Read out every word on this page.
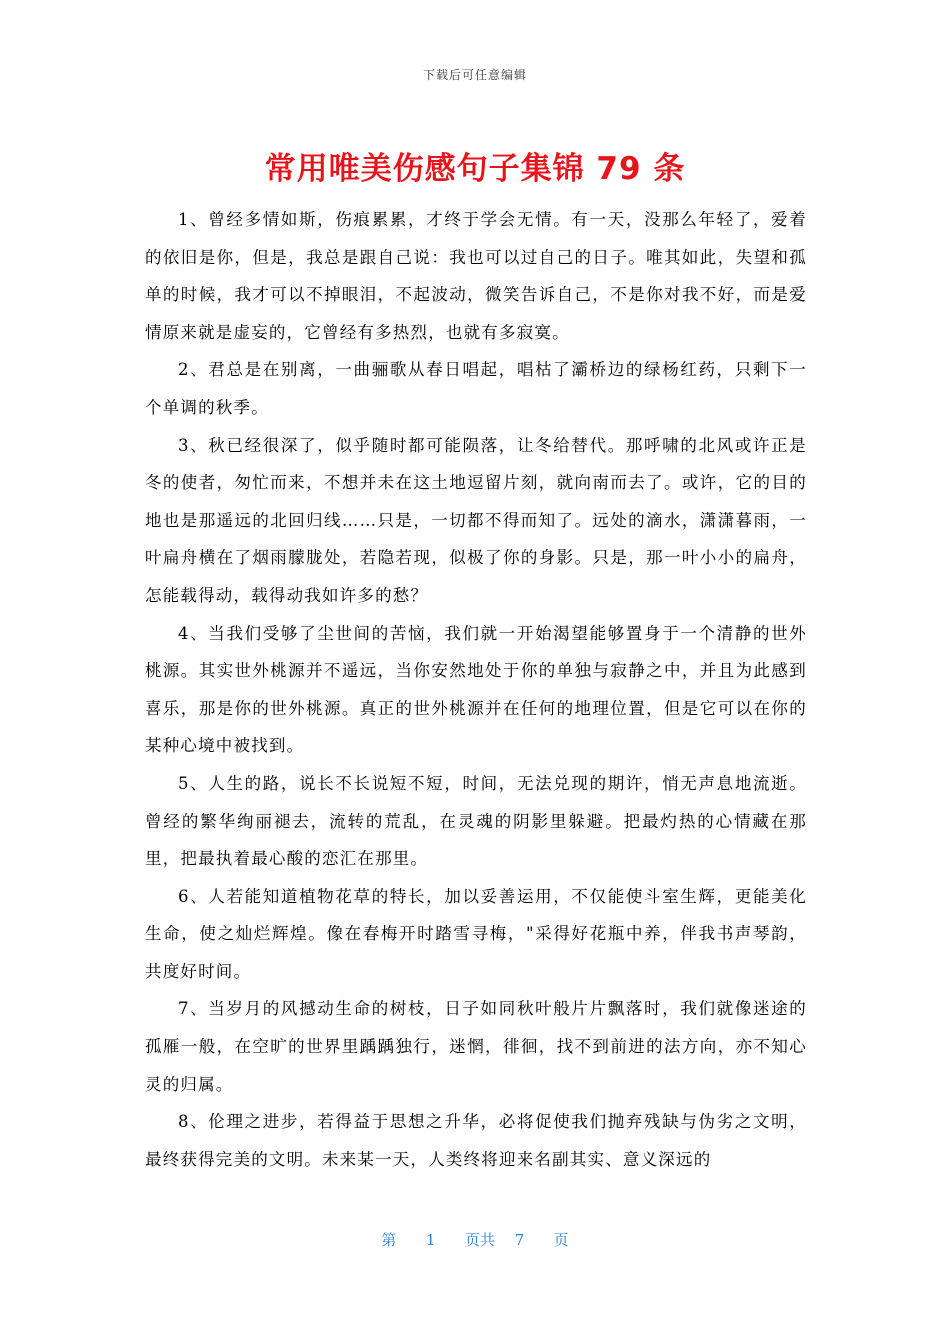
下载后可任意编辑
常用唯美伤感句子集锦 79 条

1、曾经多情如斯，伤痕累累，才终于学会无情。有一天，没那么年轻了，爱着的依旧是你，但是，我总是跟自己说：我也可以过自己的日子。唯其如此，失望和孤单的时候，我才可以不掉眼泪，不起波动，微笑告诉自己，不是你对我不好，而是爱情原来就是虚妄的，它曾经有多热烈，也就有多寂寞。

2、君总是在别离，一曲骊歌从春日唱起，唱枯了灞桥边的绿杨红药，只剩下一个单调的秋季。

3、秋已经很深了，似乎随时都可能陨落，让冬给替代。那呼啸的北风或许正是冬的使者，匆忙而来，不想并未在这土地逗留片刻，就向南而去了。或许，它的目的地也是那遥远的北回归线……只是，一切都不得而知了。远处的滴水，潇潇暮雨，一叶扁舟横在了烟雨朦胧处，若隐若现，似极了你的身影。只是，那一叶小小的扁舟，怎能载得动，载得动我如许多的愁？

4、当我们受够了尘世间的苦恼，我们就一开始渴望能够置身于一个清静的世外桃源。其实世外桃源并不遥远，当你安然地处于你的单独与寂静之中，并且为此感到喜乐，那是你的世外桃源。真正的世外桃源并在任何的地理位置，但是它可以在你的某种心境中被找到。

5、人生的路，说长不长说短不短，时间，无法兑现的期许，悄无声息地流逝。曾经的繁华绚丽褪去，流转的荒乱，在灵魂的阴影里躲避。把最灼热的心情藏在那里，把最执着最心酸的恋汇在那里。

6、人若能知道植物花草的特长，加以妥善运用，不仅能使斗室生辉，更能美化生命，使之灿烂辉煌。像在春梅开时踏雪寻梅，"采得好花瓶中养，伴我书声琴韵，共度好时间。

7、当岁月的风撼动生命的树枝，日子如同秋叶般片片飘落时，我们就像迷途的孤雁一般，在空旷的世界里踽踽独行，迷惘，徘徊，找不到前进的法方向，亦不知心灵的归属。

8、伦理之进步，若得益于思想之升华，必将促使我们抛弃残缺与伪劣之文明，最终获得完美的文明。未来某一天，人类终将迎来名副其实、意义深远的

第 1 页共 7 页
